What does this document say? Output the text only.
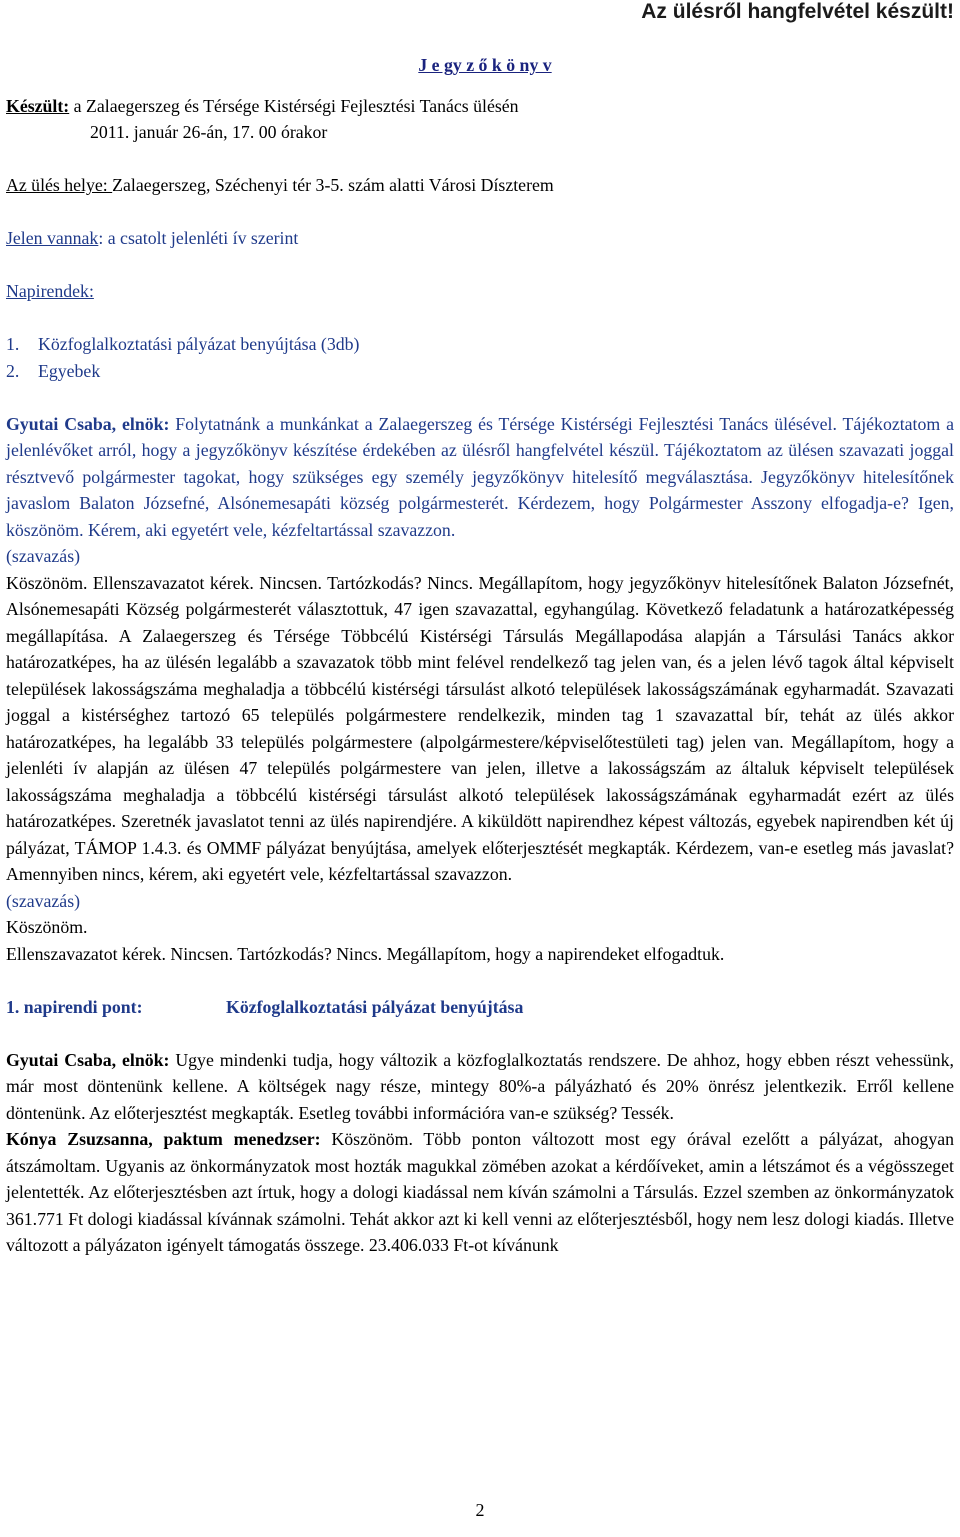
Az ülésről hangfelvétel készült!

J e gy z ő k ö ny v

Készült: a Zalaegerszeg és Térsége Kistérségi Fejlesztési Tanács ülésén

2011. január 26-án, 17. 00 órakor

Az ülés helye: Zalaegerszeg, Széchenyi tér 3-5. szám alatti Városi Díszterem

Jelen vannak: a csatolt jelenléti ív szerint

Napirendek:

1. Közfoglalkoztatási pályázat benyújtása (3db)

2. Egyebek

Gyutai Csaba, elnök: Folytatnánk a munkánkat a Zalaegerszeg és Térsége Kistérségi Fejlesztési Tanács ülésével. Tájékoztatom a jelenlévőket arról, hogy a jegyzőkönyv készítése érdekében az ülésről hangfelvétel készül. Tájékoztatom az ülésen szavazati joggal résztvevő polgármester tagokat, hogy szükséges egy személy jegyzőkönyv hitelesítő megválasztása. Jegyzőkönyv hitelesítőnek javaslom Balaton Józsefné, Alsónemesapáti község polgármesterét. Kérdezem, hogy Polgármester Asszony elfogadja-e? Igen, köszönöm. Kérem, aki egyetért vele, kézfeltartással szavazzon.

(szavazás)

Köszönöm. Ellenszavazatot kérek. Nincsen. Tartózkodás? Nincs. Megállapítom, hogy jegyzőkönyv hitelesítőnek Balaton Józsefnét, Alsónemesapáti Község polgármesterét választottuk, 47 igen szavazattal, egyhangúlag. Következő feladatunk a határozatképesség megállapítása. A Zalaegerszeg és Térsége Többcélú Kistérségi Társulás Megállapodása alapján a Társulási Tanács akkor határozatképes, ha az ülésén legalább a szavazatok több mint felével rendelkező tag jelen van, és a jelen lévő tagok által képviselt települések lakosságszáma meghaladja a többcélú kistérségi társulást alkotó települések lakosságszámának egyharmadát. Szavazati joggal a kistérséghez tartozó 65 település polgármestere rendelkezik, minden tag 1 szavazattal bír, tehát az ülés akkor határozatképes, ha legalább 33 település polgármestere (alpolgármestere/képviselőtestületi tag) jelen van. Megállapítom, hogy a jelenléti ív alapján az ülésen 47 település polgármestere van jelen, illetve a lakosságszám az általuk képviselt települések lakosságszáma meghaladja a többcélú kistérségi társulást alkotó települések lakosságszámának egyharmadát ezért az ülés határozatképes. Szeretnék javaslatot tenni az ülés napirendjére. A kiküldött napirendhez képest változás, egyebek napirendben két új pályázat, TÁMOP 1.4.3. és OMMF pályázat benyújtása, amelyek előterjesztését megkapták. Kérdezem, van-e esetleg más javaslat? Amennyiben nincs, kérem, aki egyetért vele, kézfeltartással szavazzon.

(szavazás)

Köszönöm.

Ellenszavazatot kérek. Nincsen. Tartózkodás? Nincs. Megállapítom, hogy a napirendeket elfogadtuk.

1. napirendi pont:	Közfoglalkoztatási pályázat benyújtása

Gyutai Csaba, elnök: Ugye mindenki tudja, hogy változik a közfoglalkoztatás rendszere. De ahhoz, hogy ebben részt vehessünk, már most döntenünk kellene. A költségek nagy része, mintegy 80%-a pályázható és 20% önrész jelentkezik. Erről kellene döntenünk. Az előterjesztést megkapták. Esetleg további információra van-e szükség? Tessék.

Kónya Zsuzsanna, paktum menedzser: Köszönöm. Több ponton változott most egy órával ezelőtt a pályázat, ahogyan átszámoltam. Ugyanis az önkormányzatok most hozták magukkal zömében azokat a kérdőíveket, amin a létszámot és a végösszeget jelentették. Az előterjesztésben azt írtuk, hogy a dologi kiadással nem kíván számolni a Társulás. Ezzel szemben az önkormányzatok 361.771 Ft dologi kiadással kívánnak számolni. Tehát akkor azt ki kell venni az előterjesztésből, hogy nem lesz dologi kiadás. Illetve változott a pályázaton igényelt támogatás összege. 23.406.033 Ft-ot kívánunk

2
